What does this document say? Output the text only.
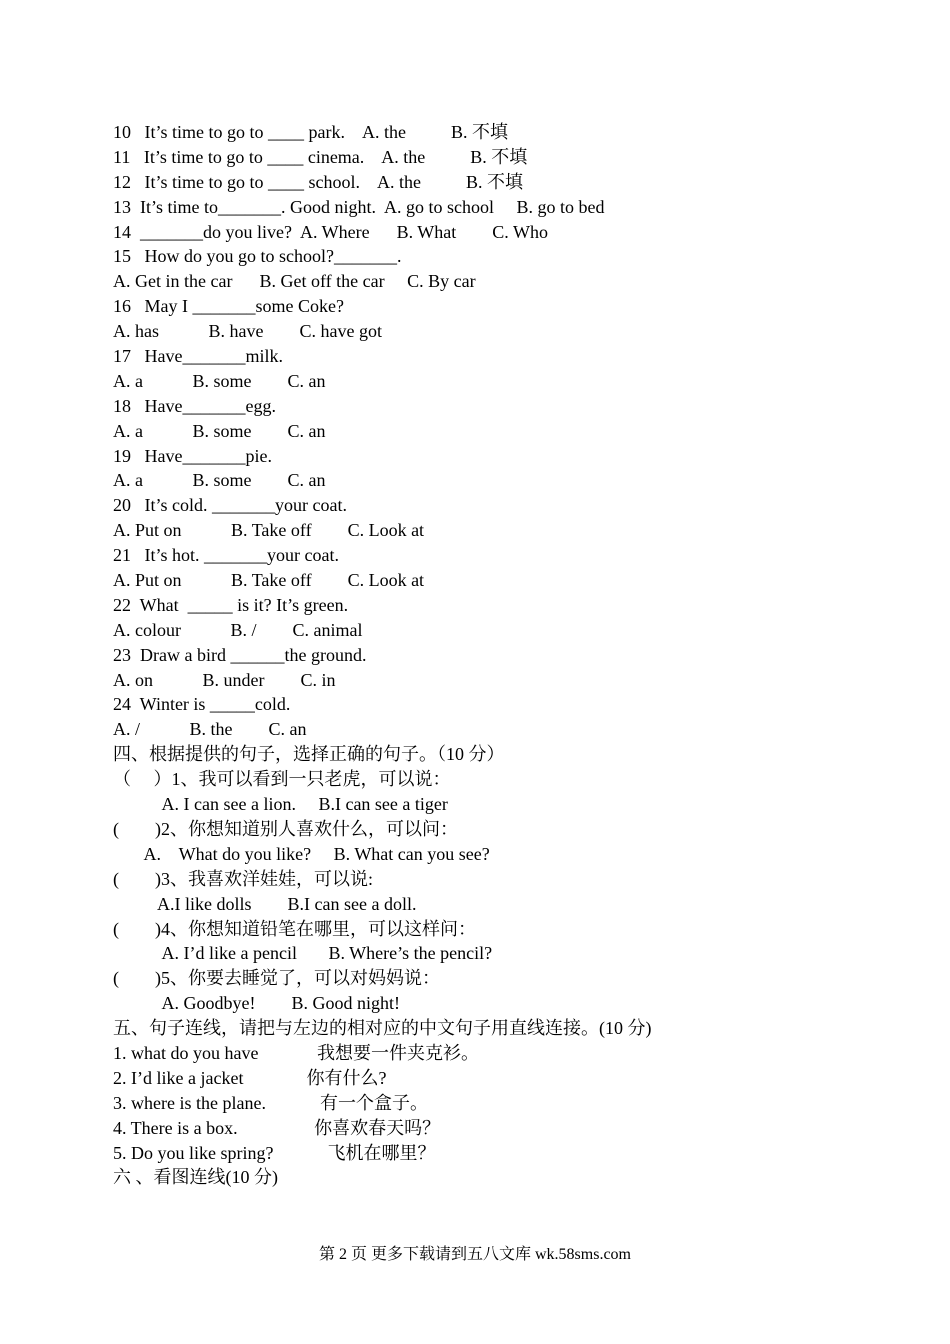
10   It’s time to go to ____ park.    A. the          B. 不填
11   It’s time to go to ____ cinema.    A. the          B. 不填
12   It’s time to go to ____ school.    A. the          B. 不填
13  It’s time to_______. Good night.  A. go to school     B. go to bed
14  _______do you live?  A. Where      B. What        C. Who
15   How do you go to school?_______.
A. Get in the car      B. Get off the car     C. By car
16   May I _______some Coke?
A. has           B. have        C. have got
17   Have_______milk.
A. a           B. some        C. an
18   Have_______egg.
A. a           B. some        C. an
19   Have_______pie.
A. a           B. some        C. an
20   It’s cold. _______your coat.
A. Put on           B. Take off        C. Look at
21   It’s hot. _______your coat.
A. Put on           B. Take off        C. Look at
22  What  _____ is it? It’s green.
A. colour           B. /        C. animal
23  Draw a bird ______the ground.
A. on           B. under        C. in
24  Winter is _____cold.
A. /           B. the        C. an
四、根据提供的句子，选择正确的句子。（10 分）
（     ）1、我可以看到一只老虎，可以说：
A. I can see a lion.     B.I can see a tiger
(        )2、你想知道别人喜欢什么，可以问：
A.    What do you like?     B. What can you see?
(        )3、我喜欢洋娃娃，可以说:
A.I like dolls        B.I can see a doll.
(        )4、你想知道铅笔在哪里，可以这样问：
A. I’d like a pencil       B. Where’s the pencil?
(        )5、你要去睡觉了，可以对妈妈说：
A. Goodbye!        B. Good night!
五、句子连线，请把与左边的相对应的中文句子用直线连接。(10 分)
1. what do you have             我想要一件夹克衫。
2. I’d like a jacket              你有什么?
3. where is the plane.            有一个盒子。
4. There is a box.                 你喜欢春天吗？
5. Do you like spring?            飞机在哪里？
六 、看图连线(10 分)
第 2 页 更多下载请到五八文库 wk.58sms.com
